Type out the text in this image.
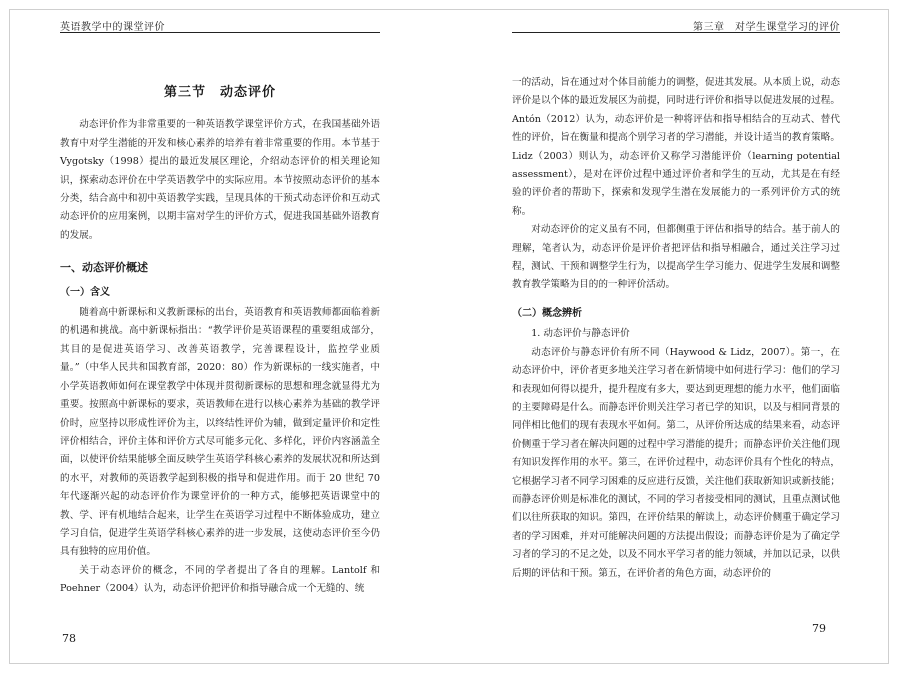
英语教学中的课堂评价	第三章　对学生课堂学习的评价
第三节　动态评价

动态评价作为非常重要的一种英语教学课堂评价方式，在我国基础外语教育中对学生潜能的开发和核心素养的培养有着非常重要的作用。本节基于 Vygotsky（1998）提出的最近发展区理论，介绍动态评价的相关理论知识，探索动态评价在中学英语教学中的实际应用。本节按照动态评价的基本分类，结合高中和初中英语教学实践，呈现具体的干预式动态评价和互动式动态评价的应用案例，以期丰富对学生的评价方式，促进我国基础外语教育的发展。

一、动态评价概述
（一）含义

随着高中新课标和义教新课标的出台，英语教育和英语教师都面临着新的机遇和挑战。高中新课标指出：“教学评价是英语课程的重要组成部分，其目的是促进英语学习、改善英语教学，完善课程设计，监控学业质量。”（中华人民共和国教育部，2020：80）作为新课标的一线实施者，中小学英语教师如何在课堂教学中体现并贯彻新课标的思想和理念就显得尤为重要。按照高中新课标的要求，英语教师在进行以核心素养为基础的教学评价时，应坚持以形成性评价为主，以终结性评价为辅，做到定量评价和定性评价相结合，评价主体和评价方式尽可能多元化、多样化，评价内容涵盖全面，以使评价结果能够全面反映学生英语学科核心素养的发展状况和所达到的水平，对教师的英语教学起到积极的指导和促进作用。而于 20 世纪 70 年代逐渐兴起的动态评价作为课堂评价的一种方式，能够把英语课堂中的教、学、评有机地结合起来，让学生在英语学习过程中不断体验成功，建立学习自信，促进学生英语学科核心素养的进一步发展，这使动态评价至今仍具有独特的应用价值。

关于动态评价的概念，不同的学者提出了各自的理解。Lantolf 和 Poehner（2004）认为，动态评价把评价和指导融合成一个无缝的、统

一的活动，旨在通过对个体目前能力的调整，促进其发展。从本质上说，动态评价是以个体的最近发展区为前提，同时进行评价和指导以促进发展的过程。Antón（2012）认为，动态评价是一种将评估和指导相结合的互动式、替代性的评价，旨在衡量和提高个别学习者的学习潜能，并设计适当的教育策略。Lidz（2003）则认为，动态评价又称学习潜能评价（learning potential assessment），是对在评价过程中通过评价者和学生的互动，尤其是在有经验的评价者的帮助下，探索和发现学生潜在发展能力的一系列评价方式的统称。

对动态评价的定义虽有不同，但都侧重于评估和指导的结合。基于前人的理解，笔者认为，动态评价是评价者把评估和指导相融合，通过关注学习过程，测试、干预和调整学生行为，以提高学生学习能力、促进学生发展和调整教育教学策略为目的的一种评价活动。

（二）概念辨析
1. 动态评价与静态评价

动态评价与静态评价有所不同（Haywood & Lidz，2007）。第一，在动态评价中，评价者更多地关注学习者在新情境中如何进行学习：他们的学习和表现如何得以提升，提升程度有多大，要达到更理想的能力水平，他们面临的主要障碍是什么。而静态评价则关注学习者已学的知识，以及与相同背景的同伴相比他们的现有表现水平如何。第二，从评价所达成的结果来看，动态评价侧重于学习者在解决问题的过程中学习潜能的提升；而静态评价关注他们现有知识发挥作用的水平。第三，在评价过程中，动态评价具有个性化的特点，它根据学习者不同学习困难的反应进行反馈，关注他们获取新知识或新技能；而静态评价则是标准化的测试，不同的学习者接受相同的测试，且重点测试他们以往所获取的知识。第四，在评价结果的解读上，动态评价侧重于确定学习者的学习困难，并对可能解决问题的方法提出假设；而静态评价是为了确定学习者的学习的不足之处，以及不同水平学习者的能力领域，并加以记录，以供后期的评估和干预。第五，在评价者的角色方面，动态评价的

78
79
